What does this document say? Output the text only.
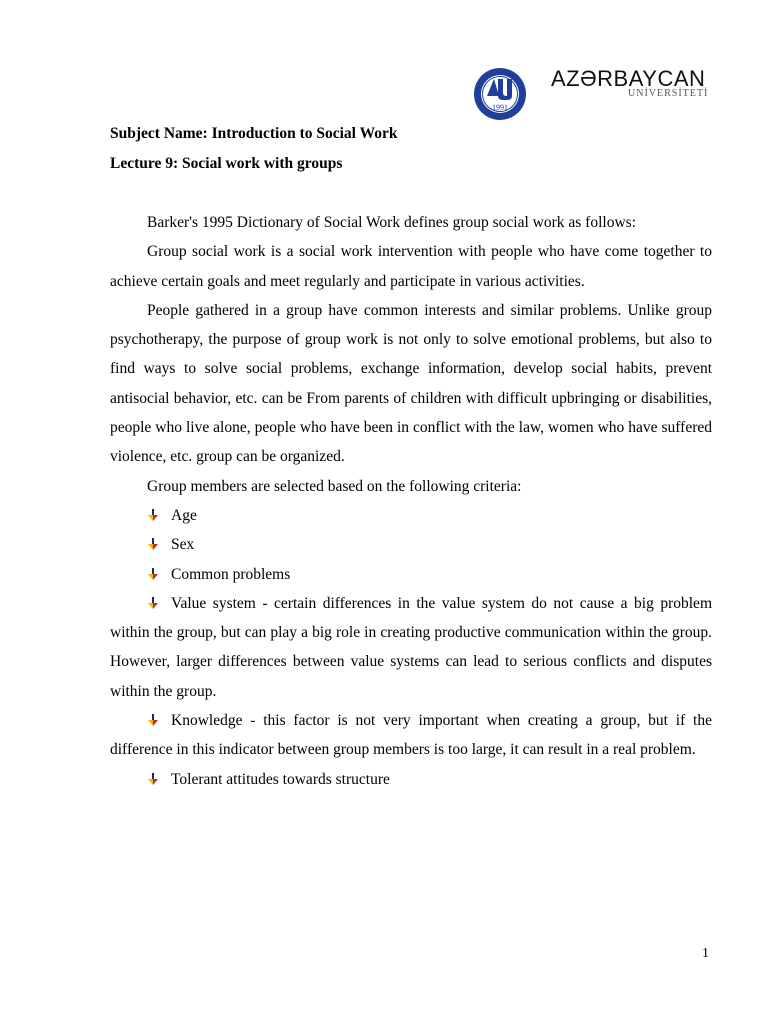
1991
AZƏRBAYCAN
UNİVERSİTETİ
Subject Name: Introduction to Social Work
Lecture 9: Social work with groups

Barker's 1995 Dictionary of Social Work defines group social work as follows:

Group social work is a social work intervention with people who have come together to achieve certain goals and meet regularly and participate in various activities.

People gathered in a group have common interests and similar problems. Unlike group psychotherapy, the purpose of group work is not only to solve emotional problems, but also to find ways to solve social problems, exchange information, develop social habits, prevent antisocial behavior, etc. can be From parents of children with difficult upbringing or disabilities, people who live alone, people who have been in conflict with the law, women who have suffered violence, etc. group can be organized.

Group members are selected based on the following criteria:

Age

Sex

Common problems

Value system - certain differences in the value system do not cause a big problem within the group, but can play a big role in creating productive communication within the group. However, larger differences between value systems can lead to serious conflicts and disputes within the group.

Knowledge - this factor is not very important when creating a group, but if the difference in this indicator between group members is too large, it can result in a real problem.

Tolerant attitudes towards structure

1
